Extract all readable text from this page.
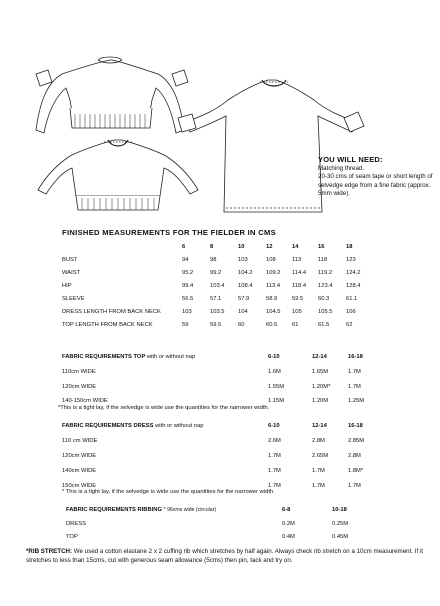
YOU WILL NEED:
Matching thread.
20-30 cms of seam tape or short length of selvedge edge from a fine fabric (approx. 5mm wide).
FINISHED MEASUREMENTS FOR THE FIELDER IN CMS
	6	8	10	12	14	16	18
BUST	94	98	103	108	113	118	123
WAIST	95.2	99.2	104.2	109.2	114.4	119.2	124.2
HIP	99.4	103.4	108.4	113.4	118.4	123.4	128.4
SLEEVE	56.5	57.1	57.9	58.9	59.5	60.3	61.1
DRESS LENGTH FROM BACK NECK	103	103.5	104	104.5	105	105.5	106
TOP LENGTH FROM BACK NECK	59	59.5	60	60.5	61	61.5	62
FABRIC REQUIREMENTS TOP with or without nap	6-10	12-14	16-18
110cm WIDE	1.6M	1.65M	1.7M
120cm WIDE	1.55M	1.20M*	1.7M
140-150cm WIDE	1.15M	1.20M	1.25M
*This is a tight lay, if the selvedge is wide use the quantities for the narrower width.
FABRIC REQUIREMENTS DRESS with or without nap	6-10	12-14	16-18
110 cm WIDE	2.6M	2.8M	2.85M
120cm WIDE	1.7M	2.65M	2.8M
140cm WIDE	1.7M	1.7M	1.8M*
150cm WIDE	1.7M	1.7M	1.7M
* This is a tight lay, if the selvedge is wide use the quantities for the narrower width.
FABRIC REQUIREMENTS RIBBING * 96cms wide (circular)	6-8	10-18
DRESS	0.2M	0.25M
TOP	0.4M	0.45M
*RIB STRETCH: We used a cotton elastane 2 x 2 cuffing rib which stretches by half again. Always check rib stretch on a 10cm measurement. If it stretches to less than 15cms, cut with generous seam allowance (5cms) then pin, tack and try on.
